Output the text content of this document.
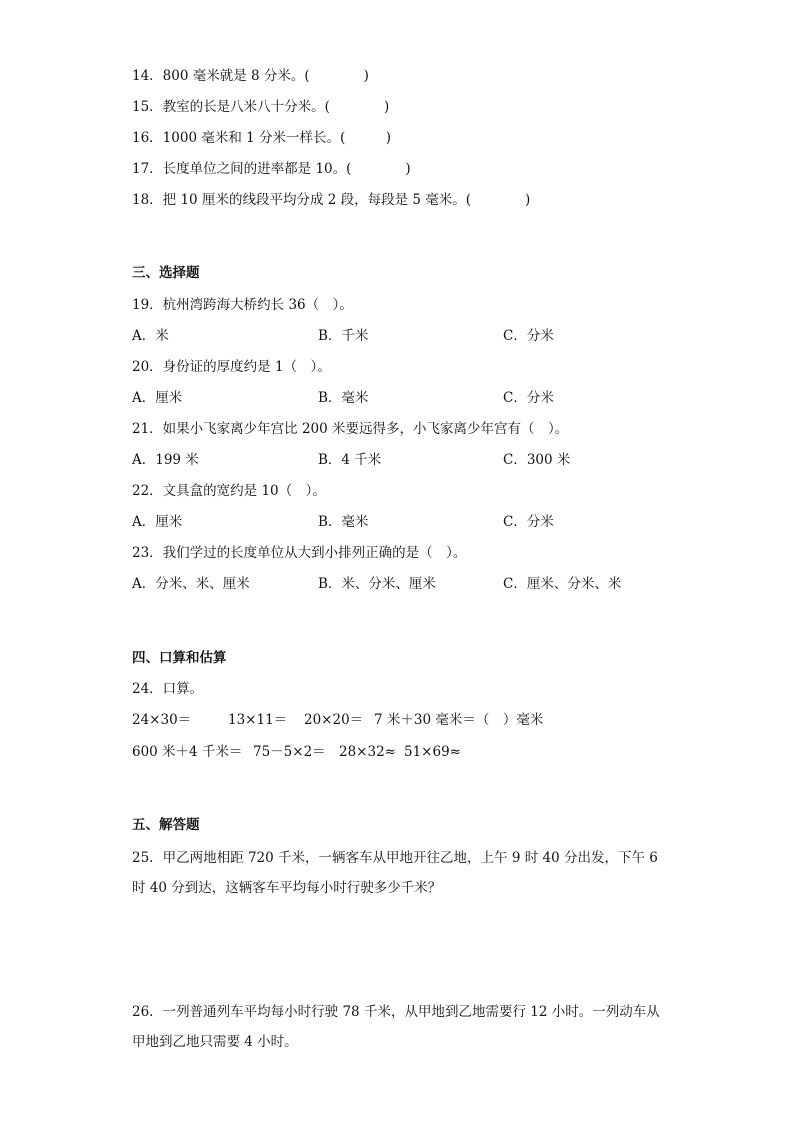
14．800 毫米就是 8 分米。(　　　　)
15．教室的长是八米八十分米。(　　　　)
16．1000 毫米和 1 分米一样长。(　　　)
17．长度单位之间的进率都是 10。(　　　　)
18．把 10 厘米的线段平均分成 2 段，每段是 5 毫米。(　　　　)
三、选择题
19．杭州湾跨海大桥约长 36（　）。
A．米	B．千米	C．分米
20．身份证的厚度约是 1（　）。
A．厘米	B．毫米	C．分米
21．如果小飞家离少年宫比 200 米要远得多，小飞家离少年宫有（　）。
A．199 米	B．4 千米	C．300 米
22．文具盒的宽约是 10（　）。
A．厘米	B．毫米	C．分米
23．我们学过的长度单位从大到小排列正确的是（　）。
A．分米、米、厘米	B．米、分米、厘米	C．厘米、分米、米
四、口算和估算
24．口算。
24×30＝	13×11＝ 20×20＝ 7 米＋30 毫米＝（　）毫米
600 米＋4 千米＝ 75－5×2＝ 28×32≈ 51×69≈
五、解答题
25．甲乙两地相距 720 千米，一辆客车从甲地开往乙地，上午 9 时 40 分出发，下午 6 时 40 分到达，这辆客车平均每小时行驶多少千米？
26．一列普通列车平均每小时行驶 78 千米，从甲地到乙地需要行 12 小时。一列动车从甲地到乙地只需要 4 小时。
